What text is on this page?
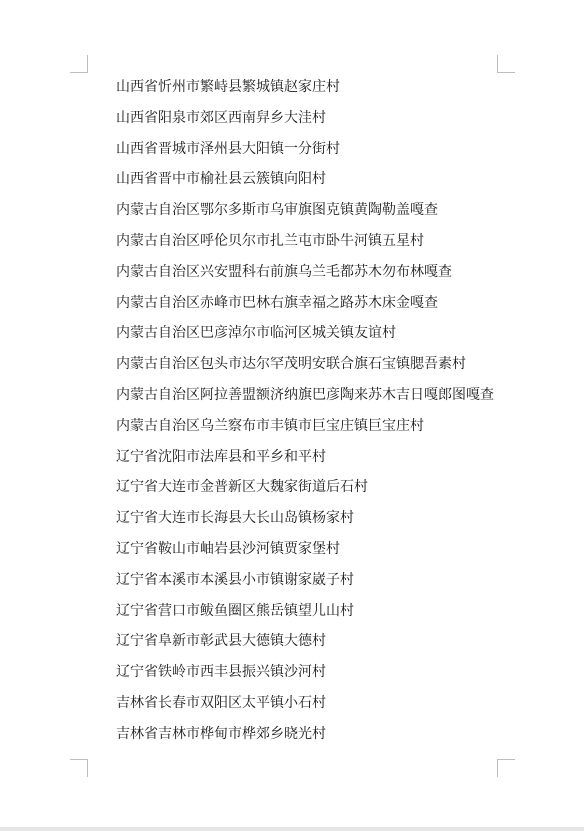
山西省忻州市繁峙县繁城镇赵家庄村
山西省阳泉市郊区西南舁乡大洼村
山西省晋城市泽州县大阳镇一分街村
山西省晋中市榆社县云簇镇向阳村
内蒙古自治区鄂尔多斯市乌审旗图克镇黄陶勒盖嘎查
内蒙古自治区呼伦贝尔市扎兰屯市卧牛河镇五星村
内蒙古自治区兴安盟科右前旗乌兰毛都苏木勿布林嘎查
内蒙古自治区赤峰市巴林右旗幸福之路苏木床金嘎查
内蒙古自治区巴彦淖尔市临河区城关镇友谊村
内蒙古自治区包头市达尔罕茂明安联合旗石宝镇腮吾素村
内蒙古自治区阿拉善盟额济纳旗巴彦陶来苏木吉日嘎郎图嘎查
内蒙古自治区乌兰察布市丰镇市巨宝庄镇巨宝庄村
辽宁省沈阳市法库县和平乡和平村
辽宁省大连市金普新区大魏家街道后石村
辽宁省大连市长海县大长山岛镇杨家村
辽宁省鞍山市岫岩县沙河镇贾家堡村
辽宁省本溪市本溪县小市镇谢家崴子村
辽宁省营口市鲅鱼圈区熊岳镇望儿山村
辽宁省阜新市彰武县大德镇大德村
辽宁省铁岭市西丰县振兴镇沙河村
吉林省长春市双阳区太平镇小石村
吉林省吉林市桦甸市桦郊乡晓光村
